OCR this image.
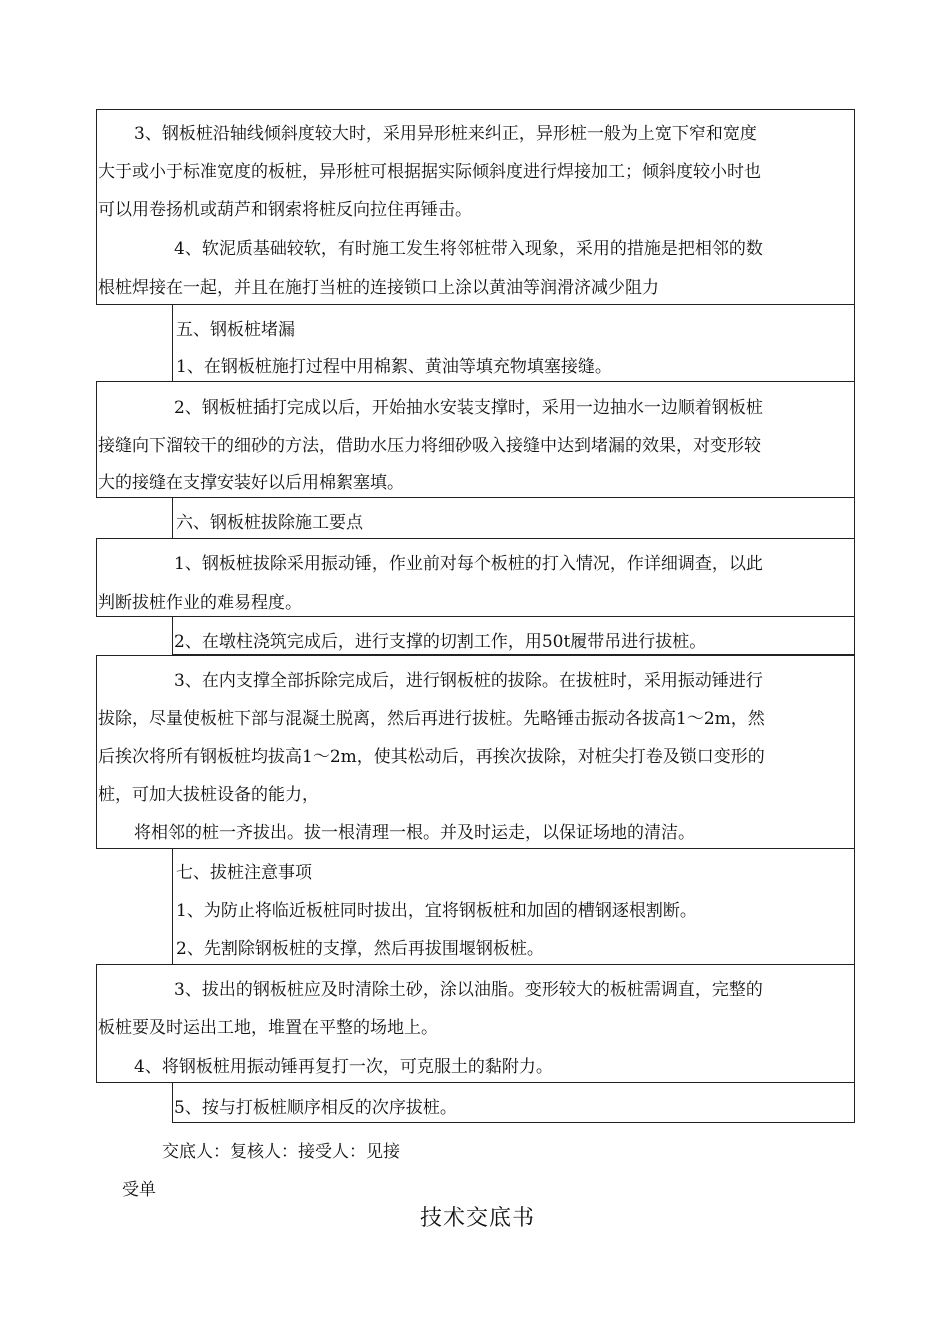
3、钢板桩沿轴线倾斜度较大时，采用异形桩来纠正，异形桩一般为上宽下窄和宽度
大于或小于标准宽度的板桩，异形桩可根据据实际倾斜度进行焊接加工；倾斜度较小时也
可以用卷扬机或葫芦和钢索将桩反向拉住再锤击。
4、软泥质基础较软，有时施工发生将邻桩带入现象，采用的措施是把相邻的数
根桩焊接在一起，并且在施打当桩的连接锁口上涂以黄油等润滑济减少阻力
五、钢板桩堵漏
1、在钢板桩施打过程中用棉絮、黄油等填充物填塞接缝。
2、钢板桩插打完成以后，开始抽水安装支撑时，采用一边抽水一边顺着钢板桩
接缝向下溜较干的细砂的方法，借助水压力将细砂吸入接缝中达到堵漏的效果，对变形较
大的接缝在支撑安装好以后用棉絮塞填。
六、钢板桩拔除施工要点
1、钢板桩拔除采用振动锤，作业前对每个板桩的打入情况，作详细调查，以此
判断拔桩作业的难易程度。
2、在墩柱浇筑完成后，进行支撑的切割工作，用50t履带吊进行拔桩。
3、在内支撑全部拆除完成后，进行钢板桩的拔除。在拔桩时，采用振动锤进行
拔除，尽量使板桩下部与混凝土脱离，然后再进行拔桩。先略锤击振动各拔高1〜2m，然
后挨次将所有钢板桩均拔高1〜2m，使其松动后，再挨次拔除，对桩尖打卷及锁口变形的
桩，可加大拔桩设备的能力，
将相邻的桩一齐拔出。拔一根清理一根。并及时运走，以保证场地的清洁。
七、拔桩注意事项
1、为防止将临近板桩同时拔出，宜将钢板桩和加固的槽钢逐根割断。
2、先割除钢板桩的支撑，然后再拔围堰钢板桩。
3、拔出的钢板桩应及时清除土砂，涂以油脂。变形较大的板桩需调直，完整的
板桩要及时运出工地，堆置在平整的场地上。
4、将钢板桩用振动锤再复打一次，可克服土的黏附力。
5、按与打板桩顺序相反的次序拔桩。
交底人：复核人：接受人：见接
受单
技术交底书
